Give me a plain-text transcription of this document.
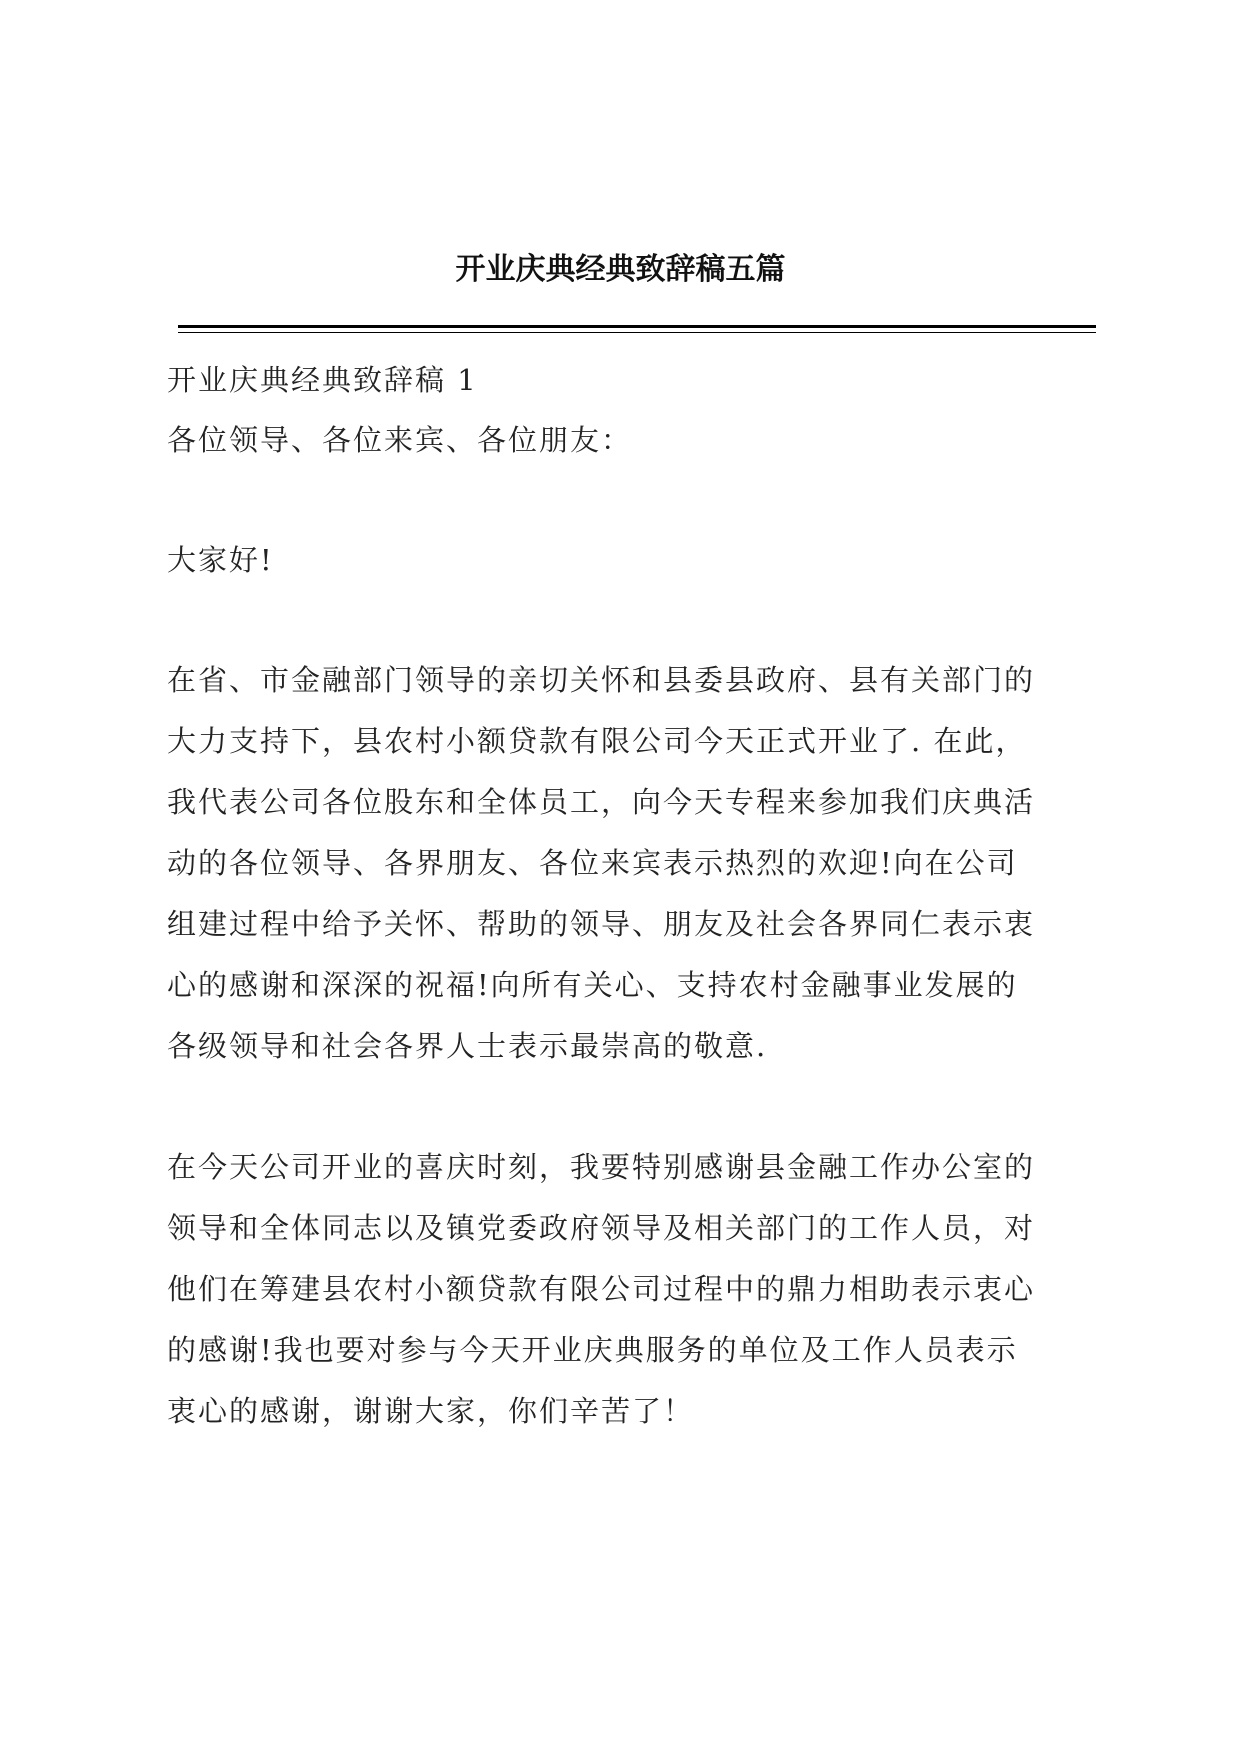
开业庆典经典致辞稿五篇
开业庆典经典致辞稿 1
各位领导、各位来宾、各位朋友：
大家好!
在省、市金融部门领导的亲切关怀和县委县政府、县有关部门的
大力支持下，县农村小额贷款有限公司今天正式开业了. 在此，
我代表公司各位股东和全体员工，向今天专程来参加我们庆典活
动的各位领导、各界朋友、各位来宾表示热烈的欢迎!向在公司
组建过程中给予关怀、帮助的领导、朋友及社会各界同仁表示衷
心的感谢和深深的祝福!向所有关心、支持农村金融事业发展的
各级领导和社会各界人士表示最崇高的敬意.
在今天公司开业的喜庆时刻，我要特别感谢县金融工作办公室的
领导和全体同志以及镇党委政府领导及相关部门的工作人员，对
他们在筹建县农村小额贷款有限公司过程中的鼎力相助表示衷心
的感谢!我也要对参与今天开业庆典服务的单位及工作人员表示
衷心的感谢，谢谢大家，你们辛苦了！
